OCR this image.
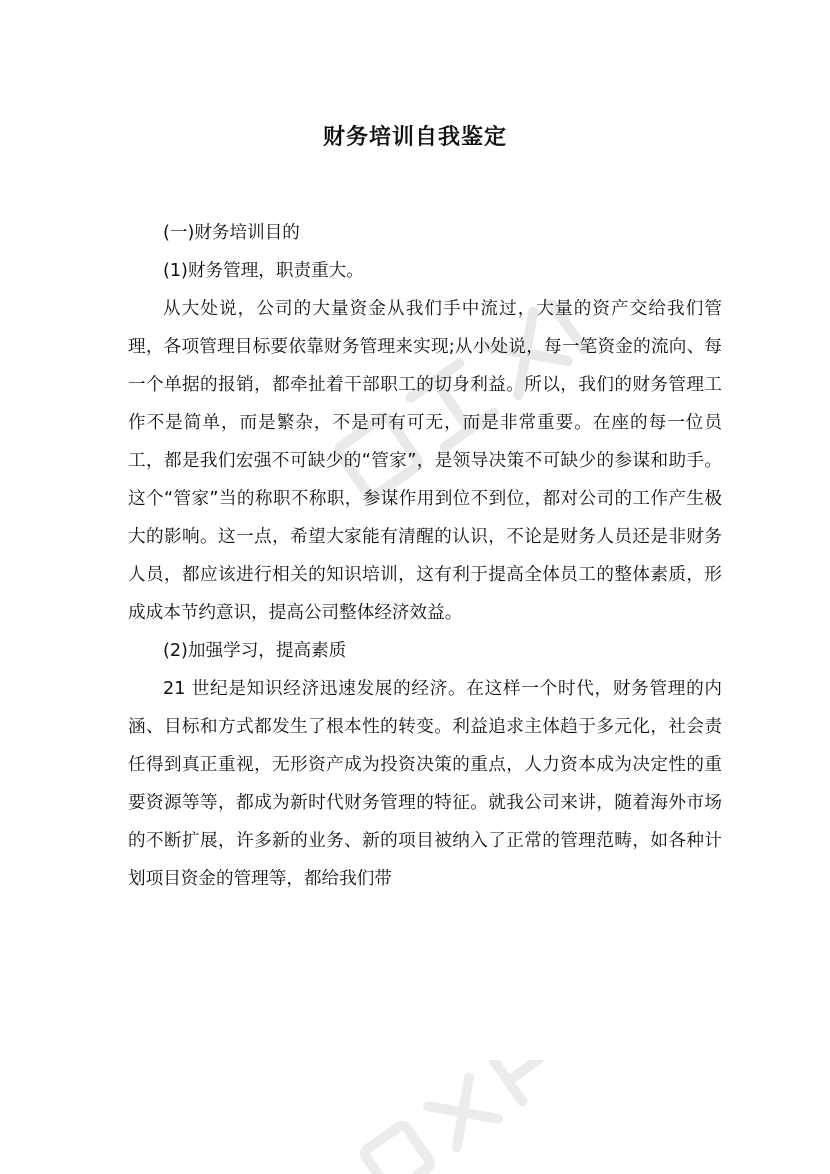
财务培训自我鉴定

(一)财务培训目的

(1)财务管理，职责重大。

从大处说，公司的大量资金从我们手中流过，大量的资产交给我们管理，各项管理目标要依靠财务管理来实现;从小处说，每一笔资金的流向、每一个单据的报销，都牵扯着干部职工的切身利益。所以，我们的财务管理工作不是简单，而是繁杂，不是可有可无，而是非常重要。在座的每一位员工，都是我们宏强不可缺少的“管家”，是领导决策不可缺少的参谋和助手。这个“管家”当的称职不称职，参谋作用到位不到位，都对公司的工作产生极大的影响。这一点，希望大家能有清醒的认识，不论是财务人员还是非财务人员，都应该进行相关的知识培训，这有利于提高全体员工的整体素质，形成成本节约意识，提高公司整体经济效益。

(2)加强学习，提高素质

21 世纪是知识经济迅速发展的经济。在这样一个时代，财务管理的内涵、目标和方式都发生了根本性的转变。利益追求主体趋于多元化，社会责任得到真正重视，无形资产成为投资决策的重点，人力资本成为决定性的重要资源等等，都成为新时代财务管理的特征。就我公司来讲，随着海外市场的不断扩展，许多新的业务、新的项目被纳入了正常的管理范畴，如各种计划项目资金的管理等，都给我们带
